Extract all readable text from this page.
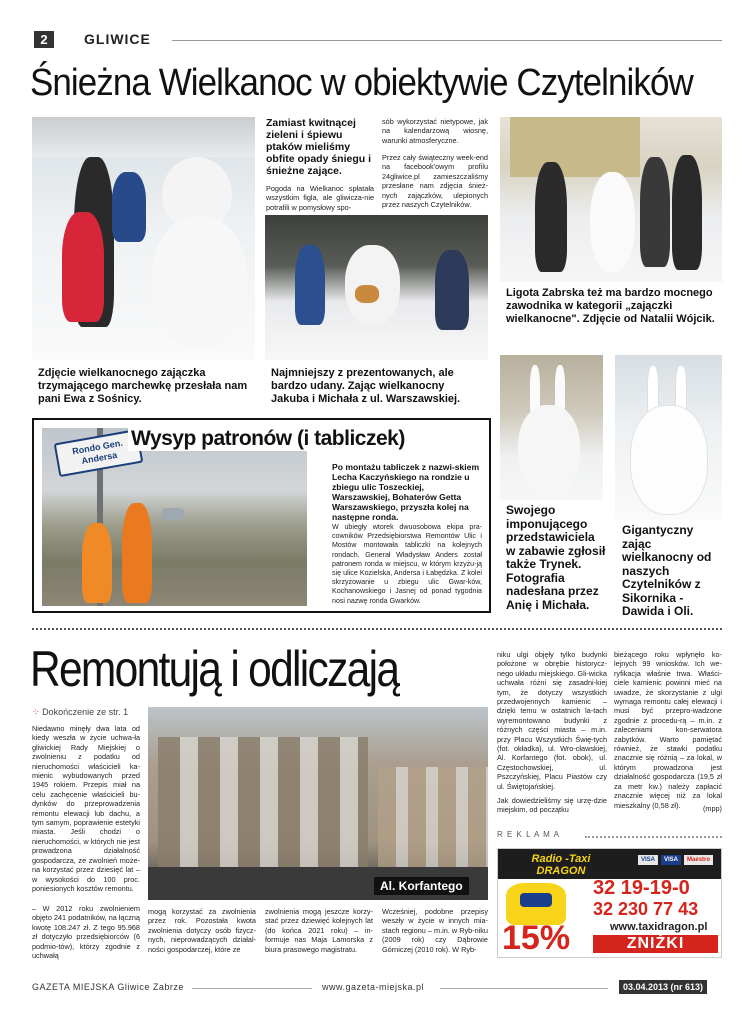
2	GLIWICE
Śnieżna Wielkanoc w obiektywie Czytelników
Zdjęcie wielkanocnego zajączka trzymającego marchewkę przesłała nam pani Ewa z Sośnicy.
Zamiast kwitnącej zieleni i śpiewu ptaków mieliśmy obfite opady śniegu i śnieżne zające.
Pogoda na Wielkanoc spłatała wszystkim figla, ale gliwicza-nie potrafili w pomysłowy spo-
sób wykorzystać nietypowe, jak na kalendarzową wiosnę, warunki atmosferyczne.
Przez cały świąteczny week-end na facebook'owym profilu 24gliwice.pl zamieszczaliśmy przesłane nam zdjęcia śnież-nych zajączków, ulepionych przez naszych Czytelników.
Najmniejszy z prezentowanych, ale bardzo udany. Zając wielkanocny Jakuba i Michała z ul. Warszawskiej.
Ligota Zabrska też ma bardzo mocnego zawodnika w kategorii „zajączki wielkanocne". Zdjęcie od Natalii Wójcik.
Swojego imponującego przedstawiciela w zabawie zgłosił także Trynek. Fotografia nadesłana przez Anię i Michała.
Gigantyczny zając wielkanocny od naszych Czytelników z Sikornika - Dawida i Oli.
Rondo Gen. Andersa
Wysyp patronów (i tabliczek)
Po montażu tabliczek z nazwi-skiem Lecha Kaczyńskiego na rondzie u zbiegu ulic Toszeckiej, Warszawskiej, Bohaterów Getta Warszawskiego, przyszła kolej na następne ronda.
W ubiegły wtorek dwuosobowa ekipa pra-cowników Przedsiębiorstwa Remontów Ulic i Mostów montowała tabliczki na kolejnych rondach. Generał Władysław Anders został patronem ronda w miejscu, w którym krzyżu-ją się ulice Kozielska, Andersa i Łabędzka. Z kolei skrzyżowanie u zbiegu ulic Gwar-ków, Kochanowskiego i Jasnej od ponad tygodnia nosi nazwę ronda Gwarków.
Remontują i odliczają
⁘ Dokończenie ze str. 1
Niedawno minęły dwa lata od kiedy weszła w życie uchwa-ła gliwickiej Rady Miejskiej o zwolnieniu z podatku od nieruchomości właścicieli ka-mienic wybudowanych przed 1945 rokiem. Przepis miał na celu zachęcenie właścicieli bu-dynków do przeprowadzenia remontu elewacji lub dachu, a tym samym, poprawienie estetyki miasta. Jeśli chodzi o nieruchomości, w których nie jest prowadzona działalność gospodarcza, ze zwolnień może-na korzystać przez dziesięć lat – w wysokości do 100 proc. poniesionych kosztów remontu.
– W 2012 roku zwolnieniem objęto 241 podatników, na łączną kwotę 108.247 zł. Z tego 95.968 zł dotyczyło przedsiębiorców (6 podmio-tów), którzy zgodnie z uchwałą
Al. Korfantego
mogą korzystać za zwolnienia przez rok. Pozostała kwota zwolnienia dotyczy osób fizycz-nych, nieprowadzących działal-ności gospodarczej, które ze
zwolnienia mogą jeszcze korzy-stać przez dziewięć kolejnych lat (do końca 2021 roku) – in-formuje nas Maja Lamorska z biura prasowego magistratu.
Wcześniej, podobne przepisy weszły w życie w innych mia-stach regionu – m.in. w Ryb-niku (2009 rok) czy Dąbrowie Górniczej (2010 rok). W Ryb-
niku ulgi objęły tylko budynki położone w obrębie historycz-nego układu miejskiego. Gli-wicka uchwała różni się zasadni-kiej tym, że dotyczy wszystkich przedwojennych kamienic – dzięki temu w ostatnich la-tach wyremontowano budynki z różnych części miasta – m.in. przy Placu Wszystkich Świę-tych (fot. okładka), ul. Wro-cławskiej, Al. Korfantego (fot. obok), ul. Częstochowskiej, ul. Pszczyńskiej, Placu Piastów czy ul. Świętojańskiej.
Jak dowiedzieliśmy się urzę-dzie miejskim, od początku
bieżącego roku wpłynęło ko-lejnych 99 wniosków. Ich we-ryfikacja właśnie trwa. Właści-ciele kamienic powinni mieć na uwadze, że skorzystanie z ulgi wymaga remontu całej elewacji i musi być przepro-wadzone zgodnie z procedu-rą – m.in. z zaleceniami kon-serwatora zabytków. Warto pamiętać również, że stawki podatku znacznie się różnią – za lokal, w którym prowadzona jest działalność gospodarcza (19,5 zł za metr kw.) należy zapłacić znacznie więcej niż za lokal mieszkalny (0,58 zł).	(mpp)
R E K L A M A
Radio -Taxi DRAGON
VISA	VISA	Maestro
32 19-19-0
32 230 77 43
www.taxidragon.pl
15%	ZNIŻKI
GAZETA MIEJSKA Gliwice Zabrze	www.gazeta-miejska.pl	03.04.2013 (nr 613)
